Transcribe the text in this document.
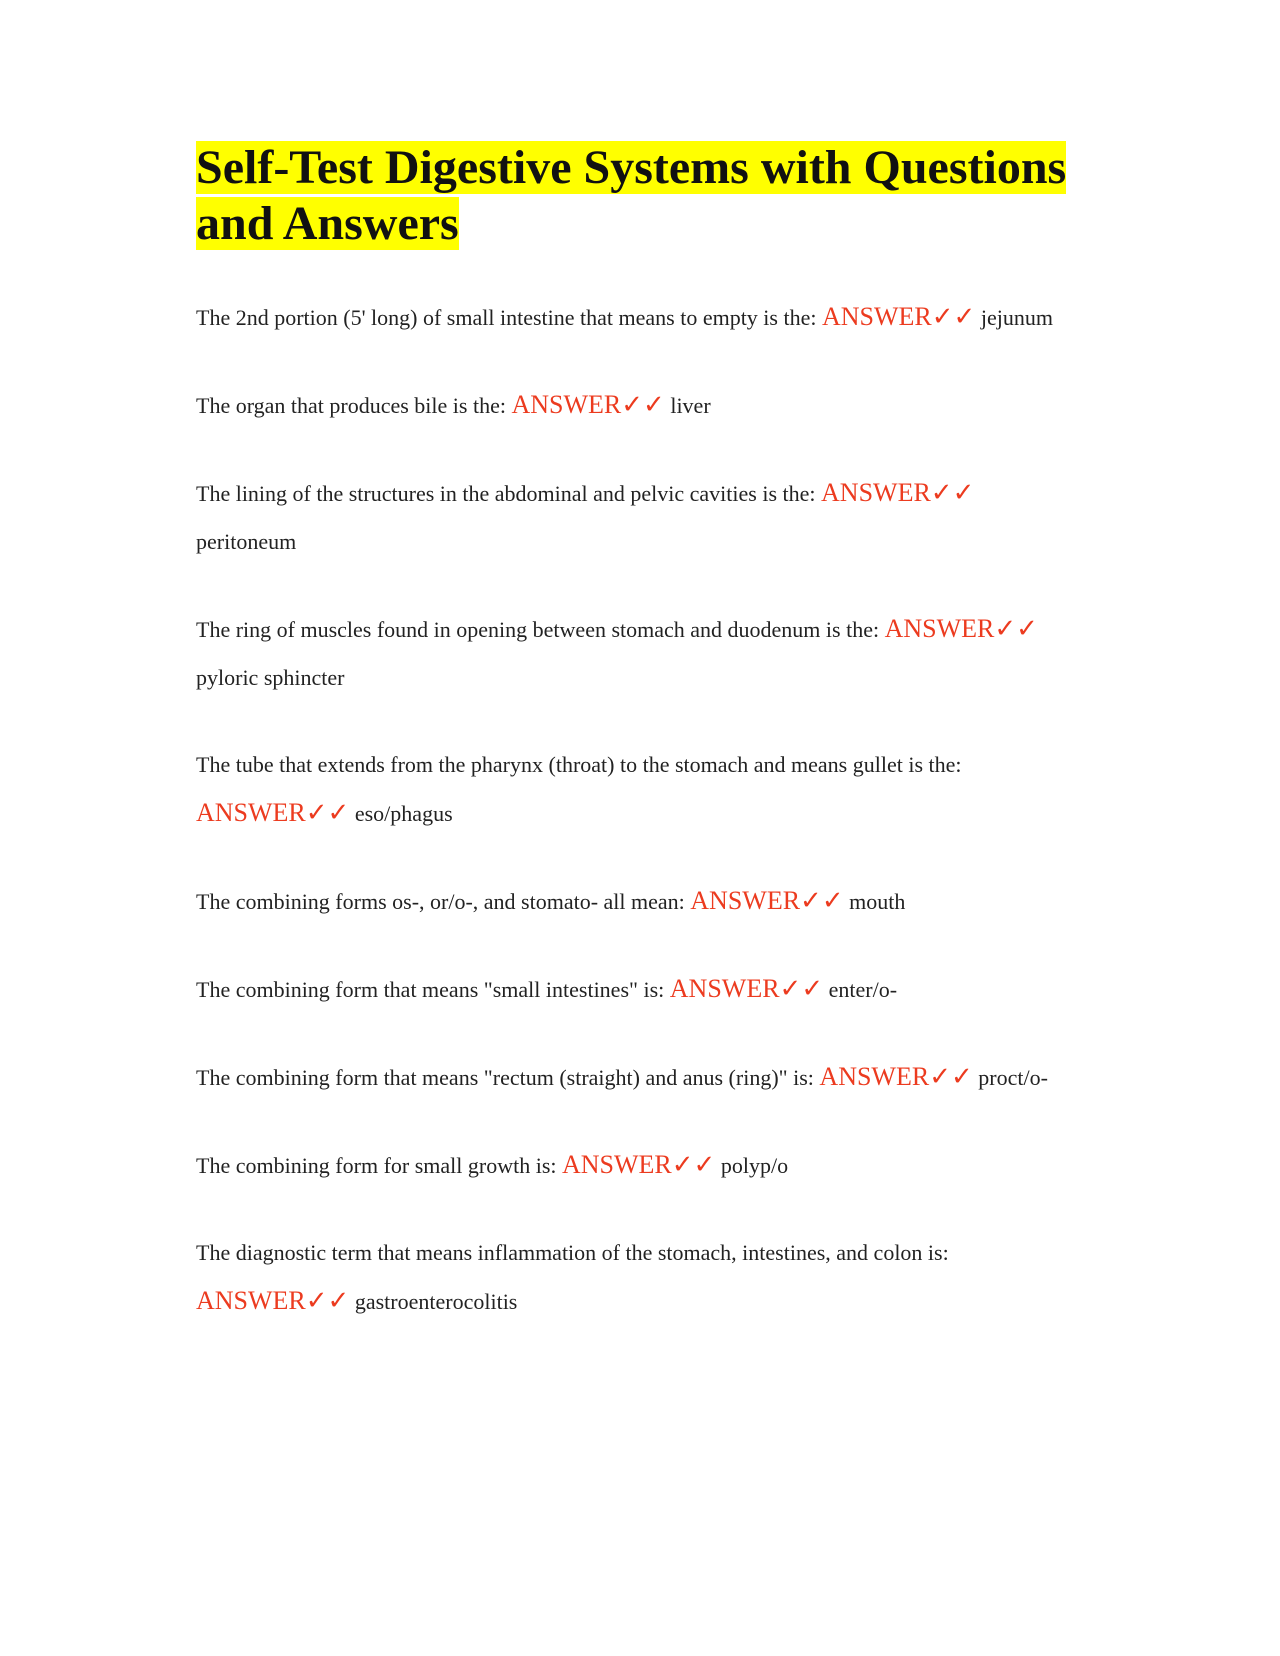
Self-Test Digestive Systems with Questions and Answers

The 2nd portion (5' long) of small intestine that means to empty is the: ANSWER✓✓ jejunum

The organ that produces bile is the: ANSWER✓✓ liver

The lining of the structures in the abdominal and pelvic cavities is the: ANSWER✓✓ peritoneum

The ring of muscles found in opening between stomach and duodenum is the: ANSWER✓✓ pyloric sphincter

The tube that extends from the pharynx (throat) to the stomach and means gullet is the: ANSWER✓✓ eso/phagus

The combining forms os-, or/o-, and stomato- all mean: ANSWER✓✓ mouth

The combining form that means "small intestines" is: ANSWER✓✓ enter/o-

The combining form that means "rectum (straight) and anus (ring)" is: ANSWER✓✓ proct/o-

The combining form for small growth is: ANSWER✓✓ polyp/o

The diagnostic term that means inflammation of the stomach, intestines, and colon is: ANSWER✓✓ gastroenterocolitis
